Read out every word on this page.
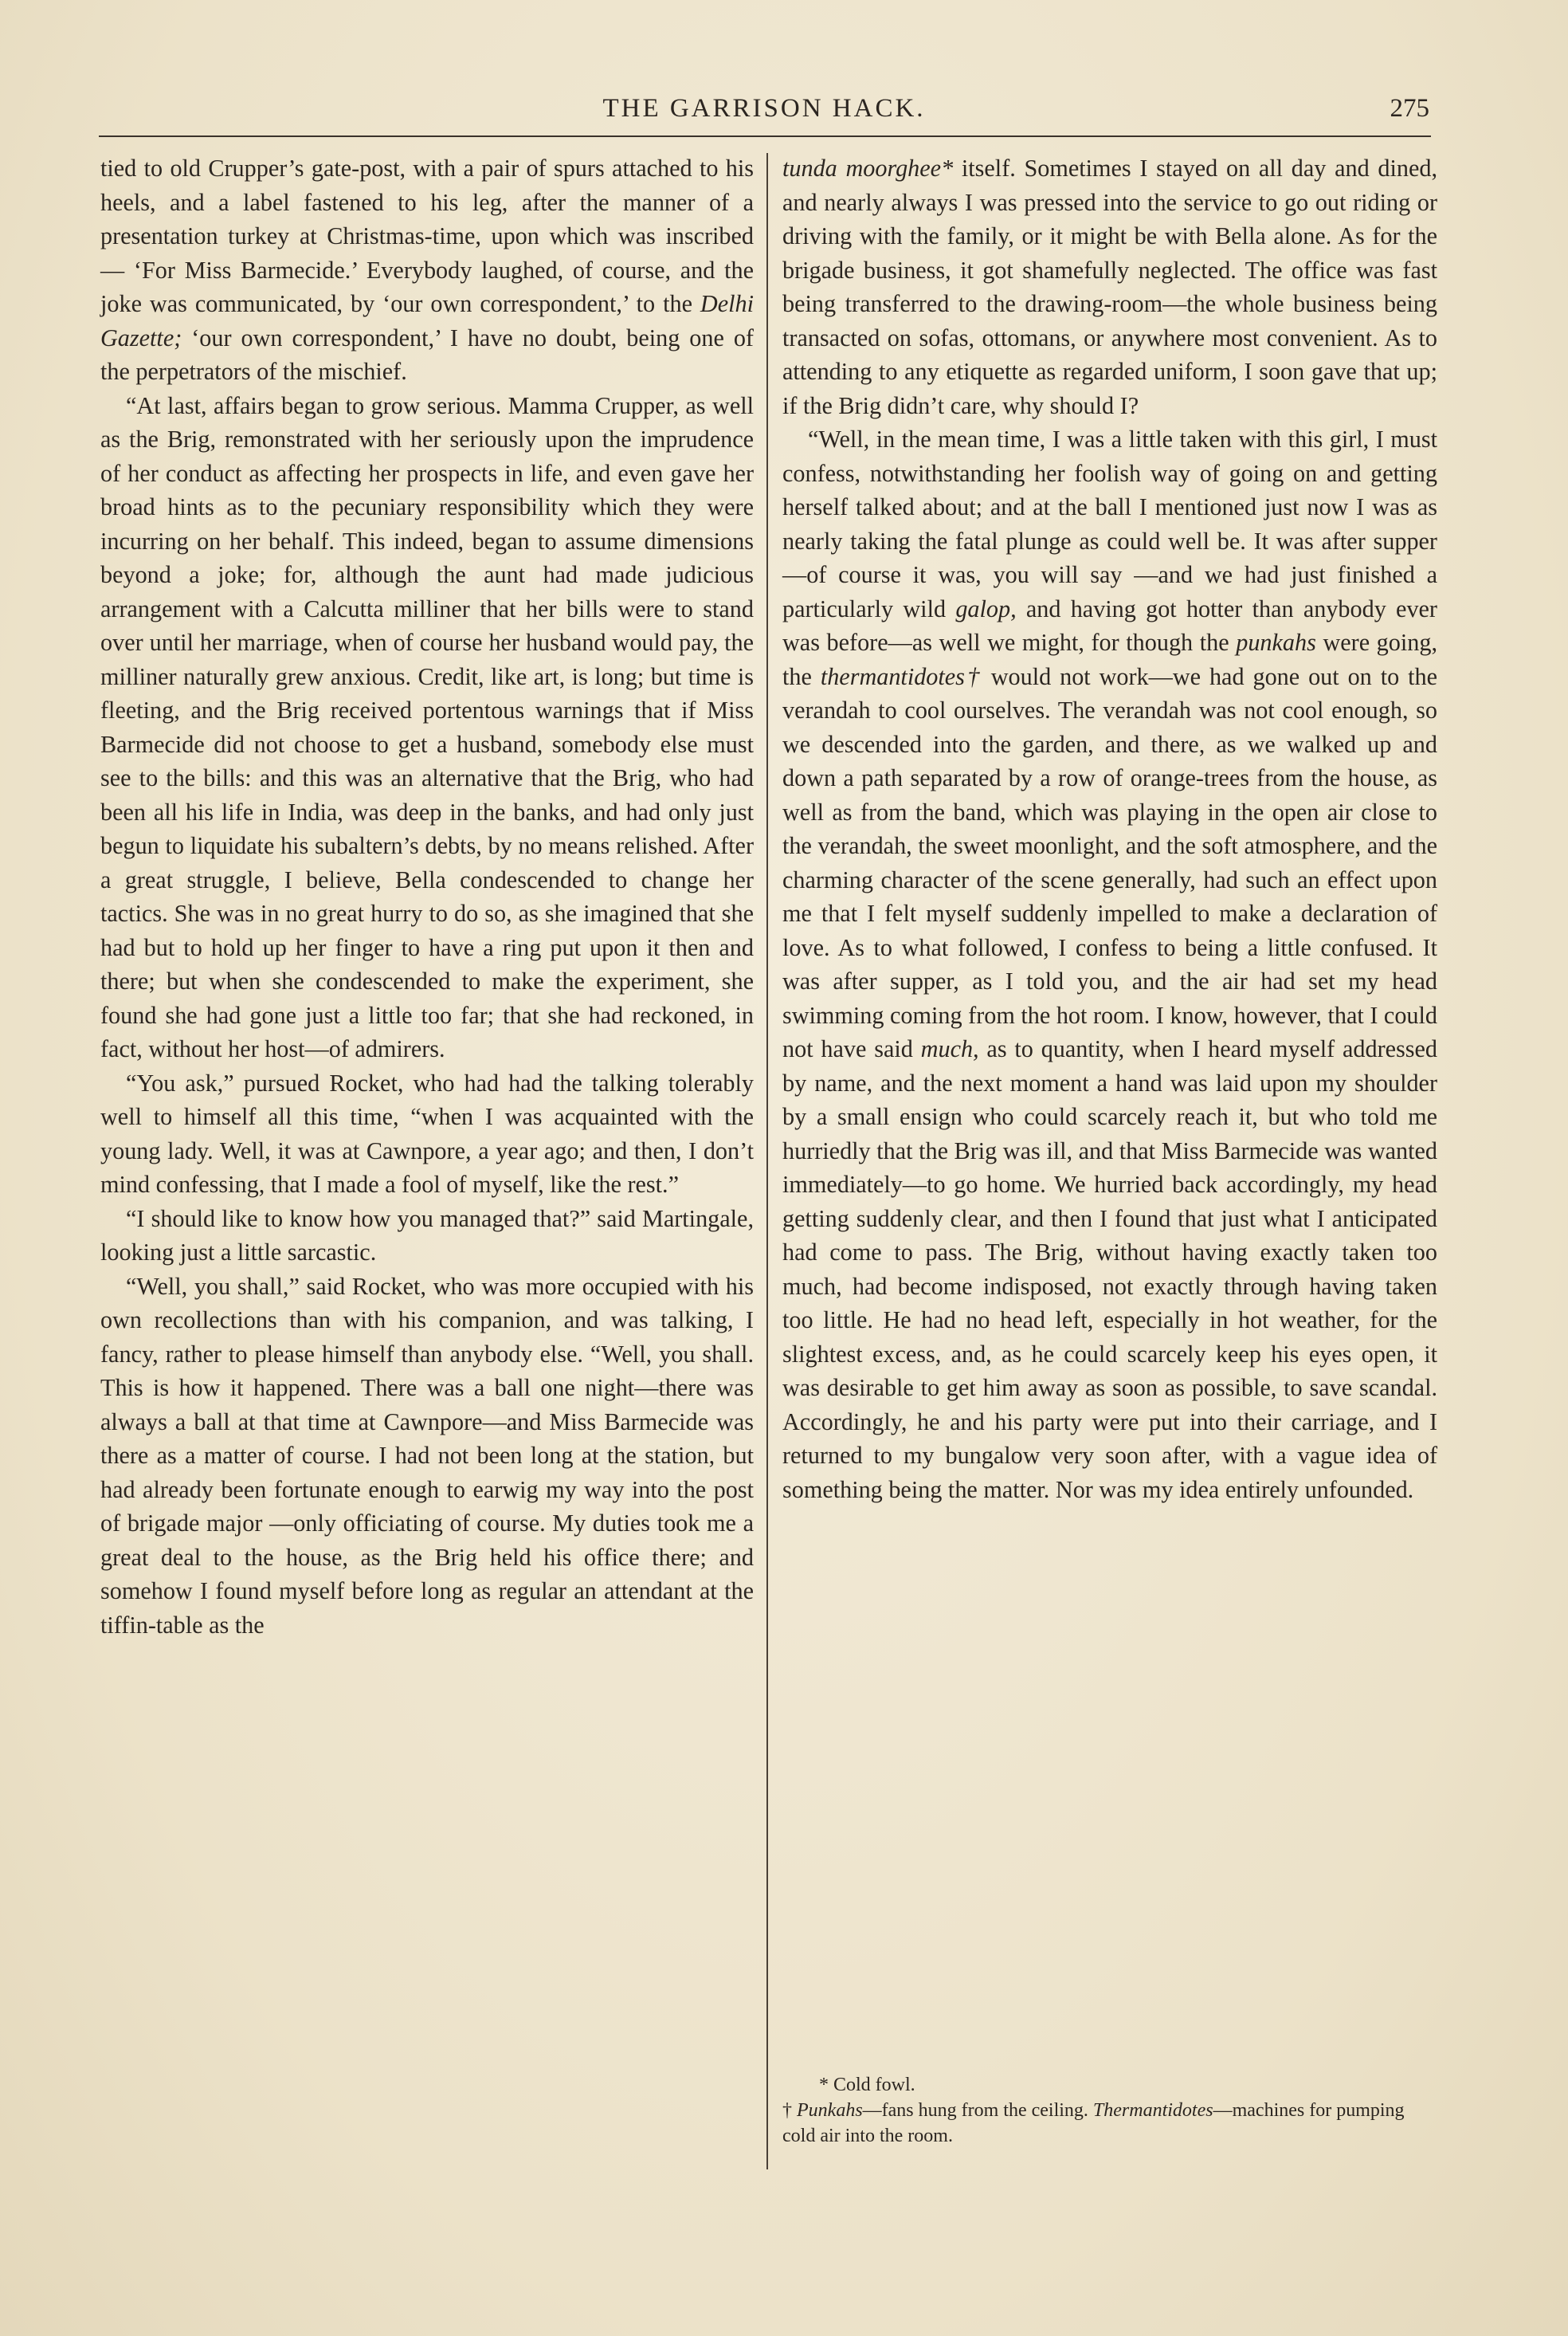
THE GARRISON HACK.	275

tied to old Crupper’s gate-post, with a pair of spurs attached to his heels, and a label fastened to his leg, after the manner of a presentation turkey at Christmas-time, upon which was inscribed — ‘For Miss Barmecide.’ Everybody laughed, of course, and the joke was communicated, by ‘our own correspondent,’ to the Delhi Gazette; ‘our own correspondent,’ I have no doubt, being one of the perpetrators of the mischief.

“At last, affairs began to grow serious. Mamma Crupper, as well as the Brig, remonstrated with her seriously upon the imprudence of her conduct as affecting her prospects in life, and even gave her broad hints as to the pecuniary responsibility which they were incurring on her behalf. This indeed, began to assume dimensions beyond a joke; for, although the aunt had made judicious arrangement with a Calcutta milliner that her bills were to stand over until her marriage, when of course her husband would pay, the milliner naturally grew anxious. Credit, like art, is long; but time is fleeting, and the Brig received portentous warnings that if Miss Barmecide did not choose to get a husband, somebody else must see to the bills: and this was an alternative that the Brig, who had been all his life in India, was deep in the banks, and had only just begun to liquidate his subaltern’s debts, by no means relished. After a great struggle, I believe, Bella condescended to change her tactics. She was in no great hurry to do so, as she imagined that she had but to hold up her finger to have a ring put upon it then and there; but when she condescended to make the experiment, she found she had gone just a little too far; that she had reckoned, in fact, without her host—of admirers.

“You ask,” pursued Rocket, who had had the talking tolerably well to himself all this time, “when I was acquainted with the young lady. Well, it was at Cawnpore, a year ago; and then, I don’t mind confessing, that I made a fool of myself, like the rest.”

“I should like to know how you managed that?” said Martingale, looking just a little sarcastic.

“Well, you shall,” said Rocket, who was more occupied with his own recollections than with his companion, and was talking, I fancy, rather to please himself than anybody else. “Well, you shall. This is how it happened. There was a ball one night—there was always a ball at that time at Cawnpore—and Miss Barmecide was there as a matter of course. I had not been long at the station, but had already been fortunate enough to earwig my way into the post of brigade major —only officiating of course. My duties took me a great deal to the house, as the Brig held his office there; and somehow I found myself before long as regular an attendant at the tiffin-table as the

tunda moorghee* itself. Sometimes I stayed on all day and dined, and nearly always I was pressed into the service to go out riding or driving with the family, or it might be with Bella alone. As for the brigade business, it got shamefully neglected. The office was fast being transferred to the drawing-room—the whole business being transacted on sofas, ottomans, or anywhere most convenient. As to attending to any etiquette as regarded uniform, I soon gave that up; if the Brig didn’t care, why should I?

“Well, in the mean time, I was a little taken with this girl, I must confess, notwithstanding her foolish way of going on and getting herself talked about; and at the ball I mentioned just now I was as nearly taking the fatal plunge as could well be. It was after supper—of course it was, you will say —and we had just finished a particularly wild galop, and having got hotter than anybody ever was before—as well we might, for though the punkahs were going, the thermantidotes† would not work—we had gone out on to the verandah to cool ourselves. The verandah was not cool enough, so we descended into the garden, and there, as we walked up and down a path separated by a row of orange-trees from the house, as well as from the band, which was playing in the open air close to the verandah, the sweet moonlight, and the soft atmosphere, and the charming character of the scene generally, had such an effect upon me that I felt myself suddenly impelled to make a declaration of love. As to what followed, I confess to being a little confused. It was after supper, as I told you, and the air had set my head swimming coming from the hot room. I know, however, that I could not have said much, as to quantity, when I heard myself addressed by name, and the next moment a hand was laid upon my shoulder by a small ensign who could scarcely reach it, but who told me hurriedly that the Brig was ill, and that Miss Barmecide was wanted immediately—to go home. We hurried back accordingly, my head getting suddenly clear, and then I found that just what I anticipated had come to pass. The Brig, without having exactly taken too much, had become indisposed, not exactly through having taken too little. He had no head left, especially in hot weather, for the slightest excess, and, as he could scarcely keep his eyes open, it was desirable to get him away as soon as possible, to save scandal. Accordingly, he and his party were put into their carriage, and I returned to my bungalow very soon after, with a vague idea of something being the matter. Nor was my idea entirely unfounded.

* Cold fowl.

† Punkahs—fans hung from the ceiling. Thermantidotes—machines for pumping cold air into the room.
